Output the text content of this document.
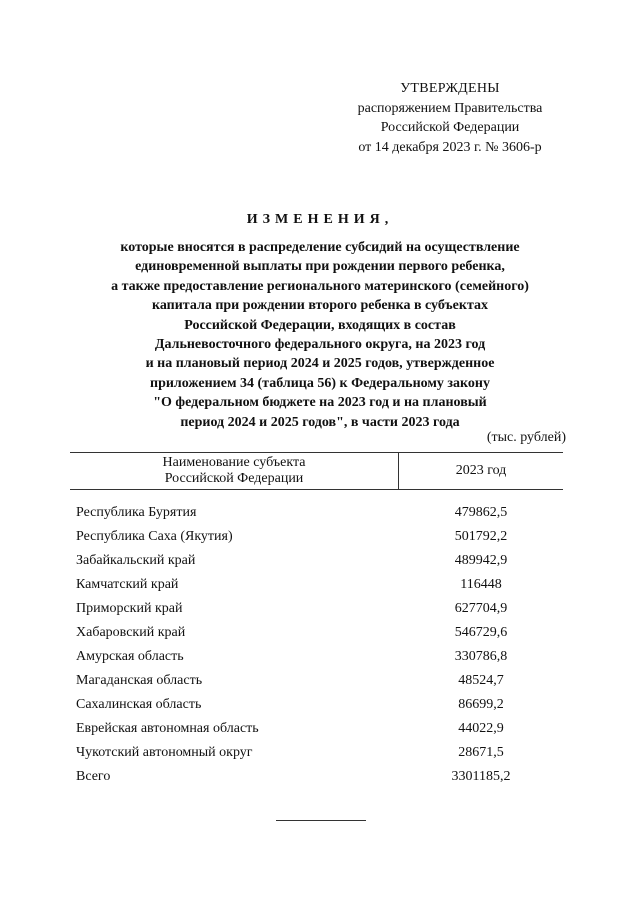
УТВЕРЖДЕНЫ
распоряжением Правительства
Российской Федерации
от 14 декабря 2023 г. № 3606-р
ИЗМЕНЕНИЯ,
которые вносятся в распределение субсидий на осуществление
единовременной выплаты при рождении первого ребенка,
а также предоставление регионального материнского (семейного)
капитала при рождении второго ребенка в субъектах
Российской Федерации, входящих в состав
Дальневосточного федерального округа, на 2023 год
и на плановый период 2024 и 2025 годов, утвержденное
приложением 34 (таблица 56) к Федеральному закону
"О федеральном бюджете на 2023 год и на плановый
период 2024 и 2025 годов", в части 2023 года
(тыс. рублей)
Наименование субъекта
Российской Федерации
2023 год
Республика Бурятия	479862,5
Республика Саха (Якутия)	501792,2
Забайкальский край	489942,9
Камчатский край	116448
Приморский край	627704,9
Хабаровский край	546729,6
Амурская область	330786,8
Магаданская область	48524,7
Сахалинская область	86699,2
Еврейская автономная область	44022,9
Чукотский автономный округ	28671,5
Всего	3301185,2
